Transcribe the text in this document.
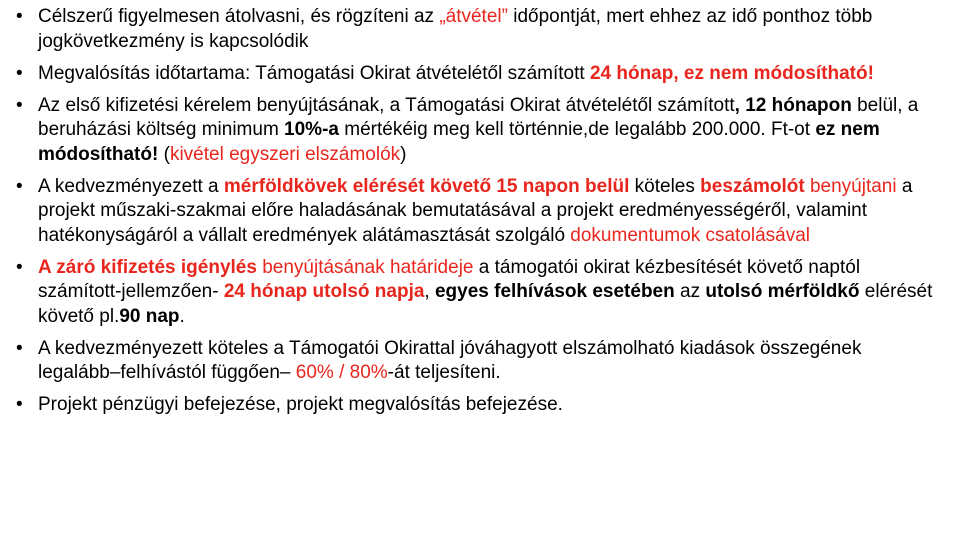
• Célszerű figyelmesen átolvasni, és rögzíteni az „átvétel” időpontját, mert ehhez az idő ponthoz több jogkövetkezmény is kapcsolódik
• Megvalósítás időtartama: Támogatási Okirat átvételétől számított 24 hónap, ez nem módosítható!
• Az első kifizetési kérelem benyújtásának, a Támogatási Okirat átvételétől számított, 12 hónapon belül, a beruházási költség minimum 10%-a mértékéig meg kell történnie,de legalább 200.000. Ft-ot ez nem módosítható! (kivétel egyszeri elszámolók)
• A kedvezményezett a mérföldkövek elérését követő 15 napon belül köteles beszámolót benyújtani a projekt műszaki-szakmai előre haladásának bemutatásával a projekt eredményességéről, valamint hatékonyságáról a vállalt eredmények alátámasztását szolgáló dokumentumok csatolásával
• A záró kifizetés igénylés benyújtásának határideje a támogatói okirat kézbesítését követő naptól számított-jellemzően- 24 hónap utolsó napja, egyes felhívások esetében az utolsó mérföldkő elérését követő pl.90 nap.
• A kedvezményezett köteles a Támogatói Okirattal jóváhagyott elszámolható kiadások összegének legalább–felhívástól függően– 60% / 80%-át teljesíteni.
• Projekt pénzügyi befejezése, projekt megvalósítás befejezése.
